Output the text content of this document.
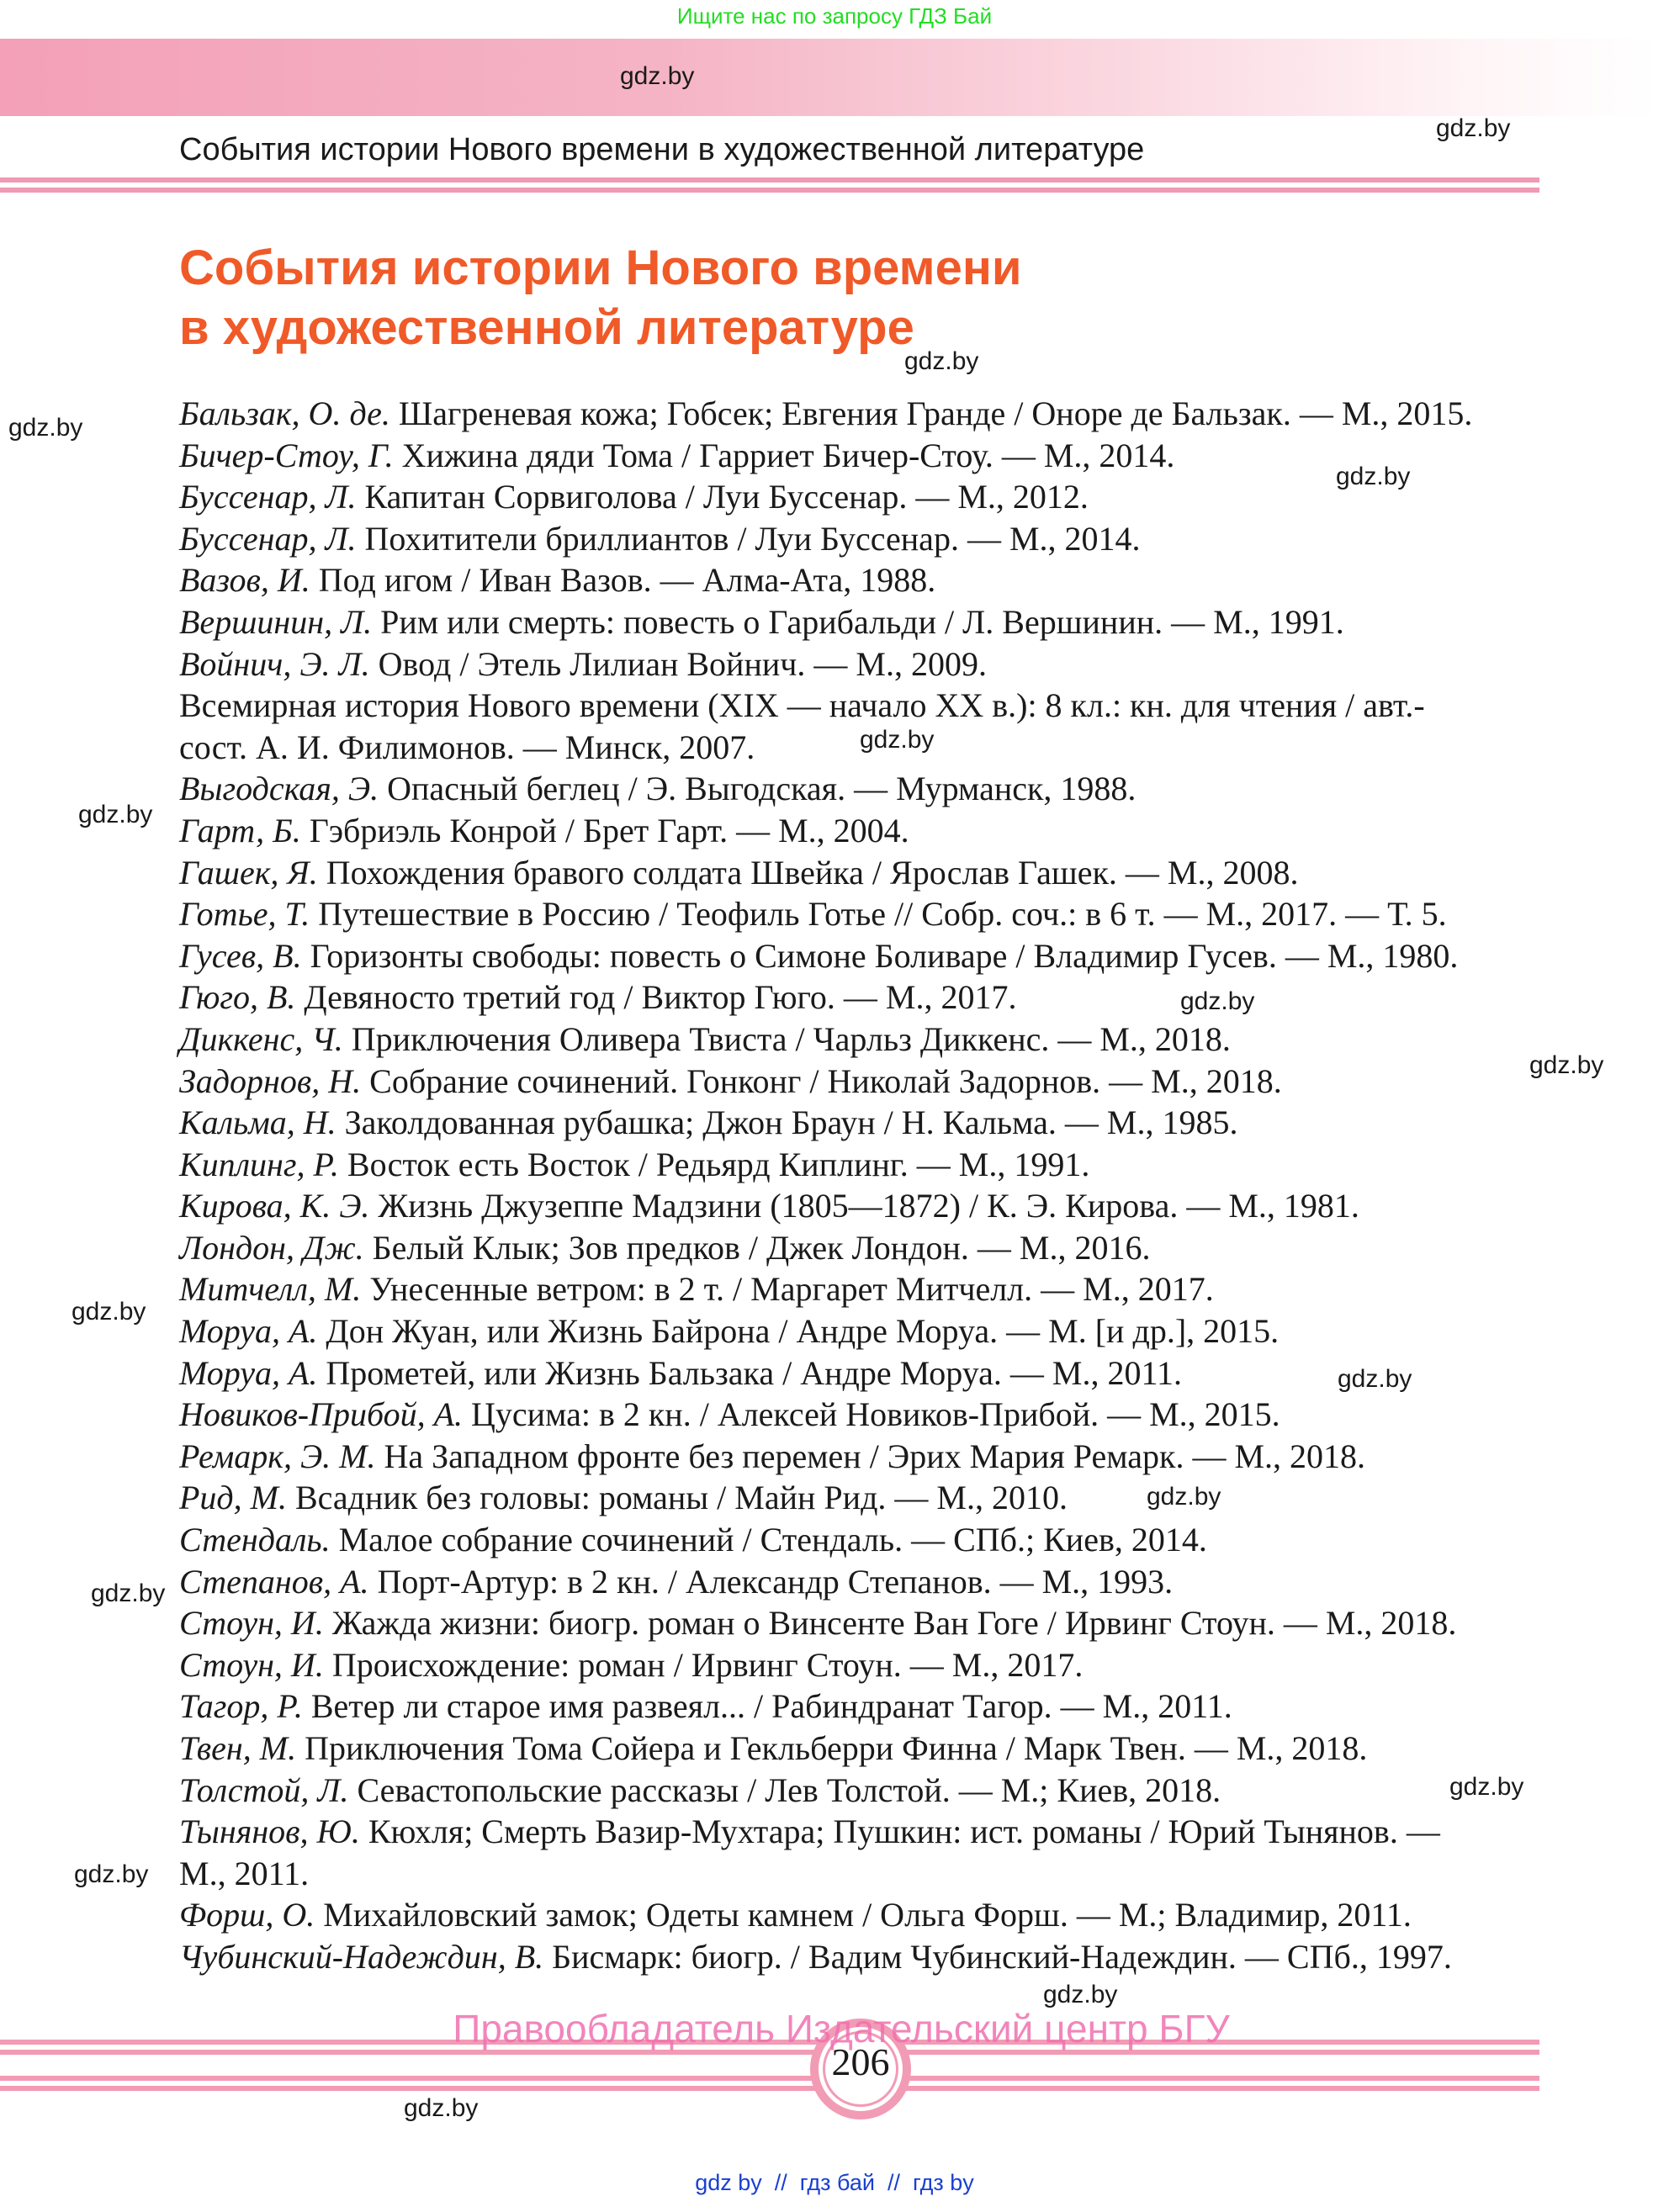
Ищите нас по запросу ГДЗ Бай
gdz.by
gdz.by
События истории Нового времени в художественной литературе
События истории Нового времени
в художественной литературе
gdz.by
gdz.by
gdz.by
gdz.by
gdz.by
gdz.by
gdz.by
gdz.by
gdz.by
gdz.by
gdz.by
gdz.by
gdz.by
gdz.by
gdz.by
Бальзак, О. де. Шагреневая кожа; Гобсек; Евгения Гранде / Оноре де Бальзак. — М., 2015.
Бичер-Стоу, Г. Хижина дяди Тома / Гарриет Бичер-Стоу. — М., 2014.
Буссенар, Л. Капитан Сорвиголова / Луи Буссенар. — М., 2012.
Буссенар, Л. Похитители бриллиантов / Луи Буссенар. — М., 2014.
Вазов, И. Под игом / Иван Вазов. — Алма-Ата, 1988.
Вершинин, Л. Рим или смерть: повесть о Гарибальди / Л. Вершинин. — М., 1991.
Войнич, Э. Л. Овод / Этель Лилиан Войнич. — М., 2009.
Всемирная история Нового времени (XIX — начало XX в.): 8 кл.: кн. для чтения / авт.-
сост. А. И. Филимонов. — Минск, 2007.
Выгодская, Э. Опасный беглец / Э. Выгодская. — Мурманск, 1988.
Гарт, Б. Гэбриэль Конрой / Брет Гарт. — М., 2004.
Гашек, Я. Похождения бравого солдата Швейка / Ярослав Гашек. — М., 2008.
Готье, Т. Путешествие в Россию / Теофиль Готье // Собр. соч.: в 6 т. — М., 2017. — Т. 5.
Гусев, В. Горизонты свободы: повесть о Симоне Боливаре / Владимир Гусев. — М., 1980.
Гюго, В. Девяносто третий год / Виктор Гюго. — М., 2017.
Диккенс, Ч. Приключения Оливера Твиста / Чарльз Диккенс. — М., 2018.
Задорнов, Н. Собрание сочинений. Гонконг / Николай Задорнов. — М., 2018.
Кальма, Н. Заколдованная рубашка; Джон Браун / Н. Кальма. — М., 1985.
Киплинг, Р. Восток есть Восток / Редьярд Киплинг. — М., 1991.
Кирова, К. Э. Жизнь Джузеппе Мадзини (1805—1872) / К. Э. Кирова. — М., 1981.
Лондон, Дж. Белый Клык; Зов предков / Джек Лондон. — М., 2016.
Митчелл, М. Унесенные ветром: в 2 т. / Маргарет Митчелл. — М., 2017.
Моруа, А. Дон Жуан, или Жизнь Байрона / Андре Моруа. — М. [и др.], 2015.
Моруа, А. Прометей, или Жизнь Бальзака / Андре Моруа. — М., 2011.
Новиков-Прибой, А. Цусима: в 2 кн. / Алексей Новиков-Прибой. — М., 2015.
Ремарк, Э. М. На Западном фронте без перемен / Эрих Мария Ремарк. — М., 2018.
Рид, М. Всадник без головы: романы / Майн Рид. — М., 2010.
Стендаль. Малое собрание сочинений / Стендаль. — СПб.; Киев, 2014.
Степанов, А. Порт-Артур: в 2 кн. / Александр Степанов. — М., 1993.
Стоун, И. Жажда жизни: биогр. роман о Винсенте Ван Гоге / Ирвинг Стоун. — М., 2018.
Стоун, И. Происхождение: роман / Ирвинг Стоун. — М., 2017.
Тагор, Р. Ветер ли старое имя развеял... / Рабиндранат Тагор. — М., 2011.
Твен, М. Приключения Тома Сойера и Гекльберри Финна / Марк Твен. — М., 2018.
Толстой, Л. Севастопольские рассказы / Лев Толстой. — М.; Киев, 2018.
Тынянов, Ю. Кюхля; Смерть Вазир-Мухтара; Пушкин: ист. романы / Юрий Тынянов. —
М., 2011.
Форш, О. Михайловский замок; Одеты камнем / Ольга Форш. — М.; Владимир, 2011.
Чубинский-Надеждин, В. Бисмарк: биогр. / Вадим Чубинский-Надеждин. — СПб., 1997.
206
Правообладатель Издательский центр БГУ
gdz by  //  гдз бай  //  гдз by
